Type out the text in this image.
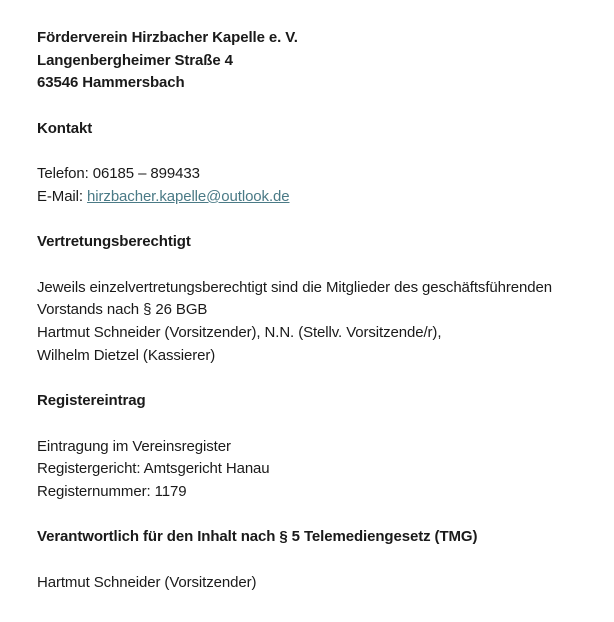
Förderverein Hirzbacher Kapelle e. V.
Langenbergheimer Straße 4
63546 Hammersbach
Kontakt
Telefon: 06185 – 899433
E-Mail: hirzbacher.kapelle@outlook.de
Vertretungsberechtigt
Jeweils einzelvertretungsberechtigt sind die Mitglieder des geschäftsführenden
Vorstands nach § 26 BGB
Hartmut Schneider (Vorsitzender), N.N. (Stellv. Vorsitzende/r),
Wilhelm Dietzel (Kassierer)
Registereintrag
Eintragung im Vereinsregister
Registergericht: Amtsgericht Hanau
Registernummer: 1179
Verantwortlich für den Inhalt nach § 5 Telemediengesetz (TMG)
Hartmut Schneider (Vorsitzender)
